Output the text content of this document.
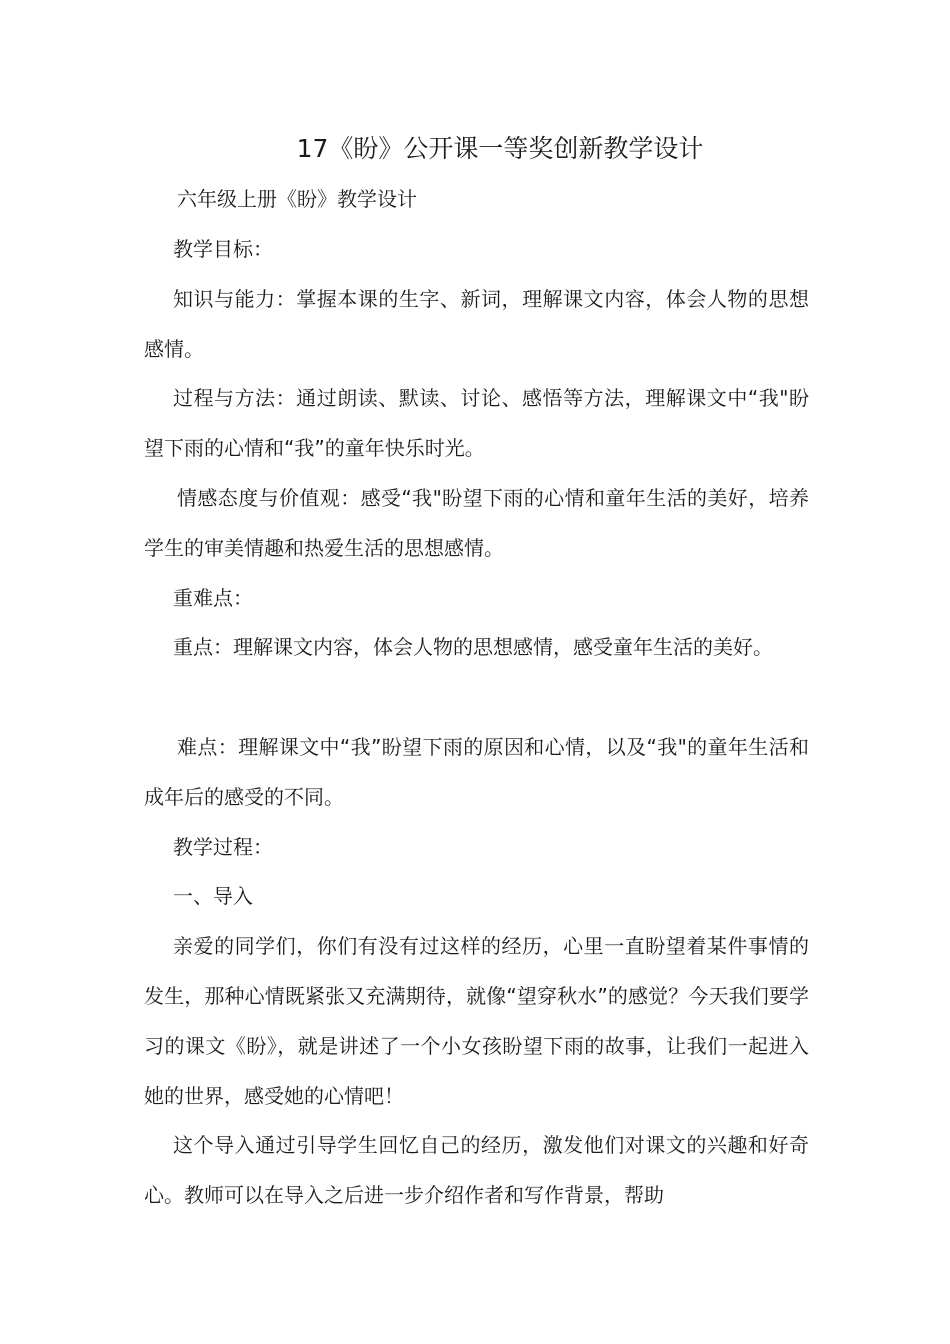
17《盼》公开课一等奖创新教学设计
六年级上册《盼》教学设计
教学目标：
知识与能力：掌握本课的生字、新词，理解课文内容，体会人物的思想感情。
过程与方法：通过朗读、默读、讨论、感悟等方法，理解课文中“我"盼望下雨的心情和“我”的童年快乐时光。
情感态度与价值观：感受“我"盼望下雨的心情和童年生活的美好，培养学生的审美情趣和热爱生活的思想感情。
重难点：
重点：理解课文内容，体会人物的思想感情，感受童年生活的美好。
难点：理解课文中“我”盼望下雨的原因和心情，以及“我"的童年生活和成年后的感受的不同。
教学过程：
一、导入
亲爱的同学们，你们有没有过这样的经历，心里一直盼望着某件事情的发生，那种心情既紧张又充满期待，就像“望穿秋水”的感觉？今天我们要学习的课文《盼》，就是讲述了一个小女孩盼望下雨的故事，让我们一起进入她的世界，感受她的心情吧！
这个导入通过引导学生回忆自己的经历，激发他们对课文的兴趣和好奇心。教师可以在导入之后进一步介绍作者和写作背景，帮助
